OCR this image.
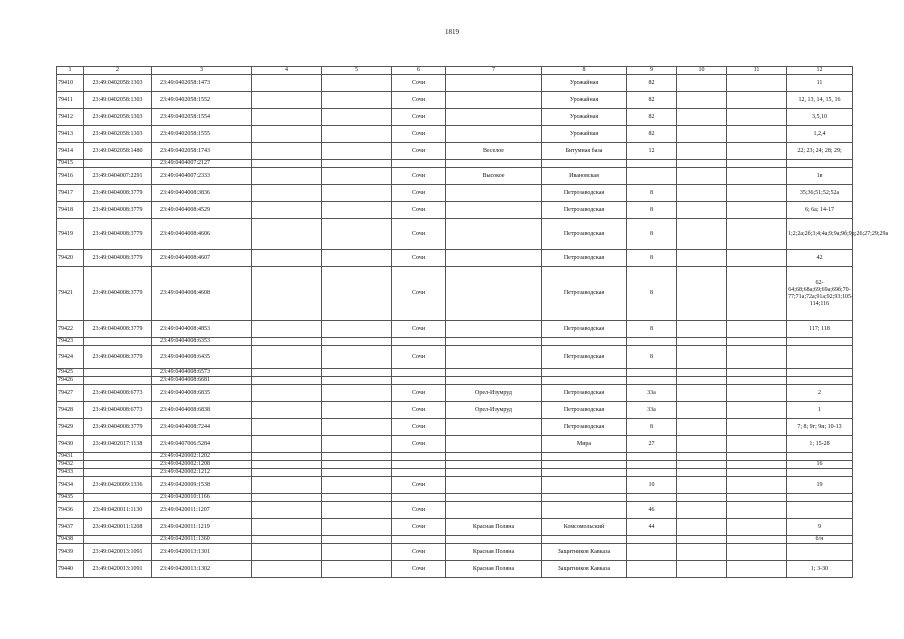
1819
1	2	3	4	5	6	7	8	9	10	11	12
79410	23:49:0402058:1303	23:49:0402058:1473			Сочи		Урожайная	82			11
79411	23:49:0402058:1303	23:49:0402058:1552			Сочи		Урожайная	82			12, 13, 14, 15, 16
79412	23:49:0402058:1303	23:49:0402058:1554			Сочи		Урожайная	82			3,5,10
79413	23:49:0402058:1303	23:49:0402058:1555			Сочи		Урожайная	82			1,2,4
79414	23:49:0402058:1480	23:49:0402058:1743			Сочи	Веселое	Битумная база	12			22; 23; 24; 28; 29;
79415		23:49:0404007:2127									
79416	23:49:0404007:2291	23:49:0404007:2333			Сочи	Высокое	Ивановская				1в
79417	23:49:0404008:3779	23:49:0404008:3836			Сочи		Петрозаводская	8			35;36;51;52;52а
79418	23:49:0404008:3779	23:49:0404008:4529			Сочи		Петрозаводская	8			6; 6а; 14-17
79419	23:49:0404008:3779	23:49:0404008:4606			Сочи		Петрозаводская	8			1;2;2а;2б;3;4;4а;9;9а;9б;9д;26;27;29;29а
79420	23:49:0404008:3779	23:49:0404008:4607			Сочи		Петрозаводская	8			42
79421	23:49:0404008:3779	23:49:0404008:4608			Сочи		Петрозаводская	8			62-64;68;68а;69;69а;69б;70-77;71а;72а;91а;92;93;105-114;116
79422	23:49:0404008:3779	23:49:0404008:4853			Сочи		Петрозаводская	8			117; 118
79423		23:49:0404008:6353									
79424	23:49:0404008:3779	23:49:0404008:6435			Сочи		Петрозаводская	8			
79425		23:49:0404008:6573									
79426		23:49:0404008:6681									
79427	23:49:0404008:6773	23:49:0404008:6835			Сочи	Орел-Изумруд	Петрозаводская	33а			2
79428	23:49:0404008:6773	23:49:0404008:6838			Сочи	Орел-Изумруд	Петрозаводская	33а			1
79429	23:49:0404008:3779	23:49:0404008:7244			Сочи		Петрозаводская	8			7; 8; 9г; 9и; 10-13
79430	23:49:0402017:1138	23:49:0407006:5284			Сочи		Мира	27			1; 15-28
79431		23:49:0420002:1202									
79432		23:49:0420002:1208									16
79433		23:49:0420002:1212									
79434	23:49:0420009:1336	23:49:0420009:1538			Сочи			10			19
79435		23:49:0420010:1166									
79436	23:49:0420011:1130	23:49:0420011:1207			Сочи			46			
79437	23:49:0420011:1208	23:49:0420011:1219			Сочи	Красная Поляна	Комсомольский	44			9
79438		23:49:0420011:1360									б/н
79439	23:49:0420013:1091	23:49:0420013:1301			Сочи	Красная Поляна	Защитников Кавказа				
79440	23:49:0420013:1091	23:49:0420013:1302			Сочи	Красная Поляна	Защитников Кавказа				1; 3-30
